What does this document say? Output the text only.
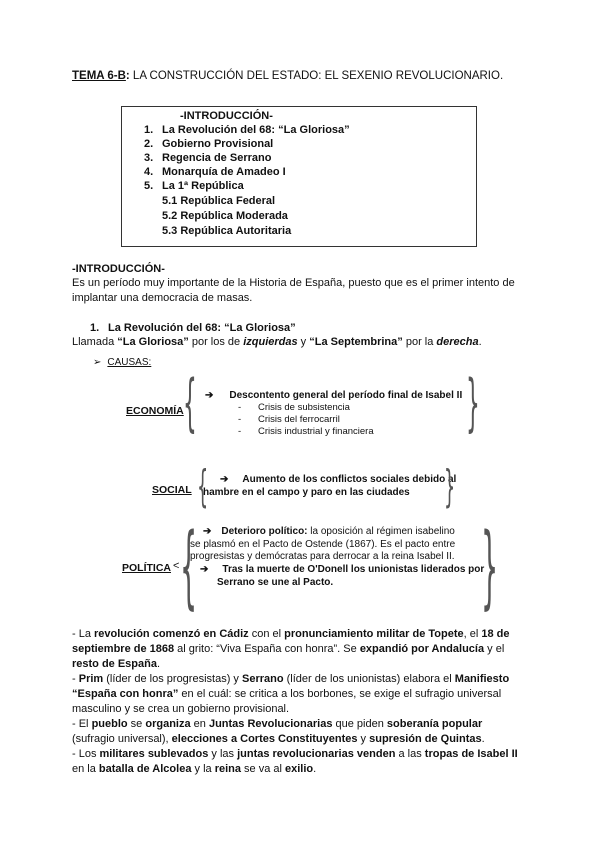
TEMA 6-B: LA CONSTRUCCIÓN DEL ESTADO: EL SEXENIO REVOLUCIONARIO.
-INTRODUCCIÓN-
1. La Revolución del 68: “La Gloriosa”
2. Gobierno Provisional
3. Regencia de Serrano
4. Monarquía de Amadeo I
5. La 1ª República
5.1 República Federal
5.2 República Moderada
5.3 República Autoritaria
-INTRODUCCIÓN-
Es un período muy importante de la Historia de España, puesto que es el primer intento de
implantar una democracia de masas.
1. La Revolución del 68: “La Gloriosa”
Llamada “La Gloriosa” por los de izquierdas y “La Septembrina” por la derecha.
➢ CAUSAS:
ECONOMÍA { ➔ Descontento general del período final de Isabel II
- Crisis de subsistencia
- Crisis del ferrocarril
- Crisis industrial y financiera }
SOCIAL {	➔ Aumento de los conflictos sociales debido al
hambre en el campo y paro en las ciudades }
POLÍTICA < { ➔ Deterioro político: la oposición al régimen isabelino
se plasmó en el Pacto de Ostende (1867). Es el pacto entre
progresistas y demócratas para derrocar a la reina Isabel II.
➔ Tras la muerte de O'Donell los unionistas liderados por
Serrano se une al Pacto. }
- La revolución comenzó en Cádiz con el pronunciamiento militar de Topete, el 18 de
septiembre de 1868 al grito: “Viva España con honra”. Se expandió por Andalucía y el
resto de España.
- Prim (líder de los progresistas) y Serrano (líder de los unionistas) elabora el Manifiesto
“España con honra” en el cuál: se critica a los borbones, se exige el sufragio universal
masculino y se crea un gobierno provisional.
- El pueblo se organiza en Juntas Revolucionarias que piden soberanía popular
(sufragio universal), elecciones a Cortes Constituyentes y supresión de Quintas.
- Los militares sublevados y las juntas revolucionarias venden a las tropas de Isabel II
en la batalla de Alcolea y la reina se va al exilio.
